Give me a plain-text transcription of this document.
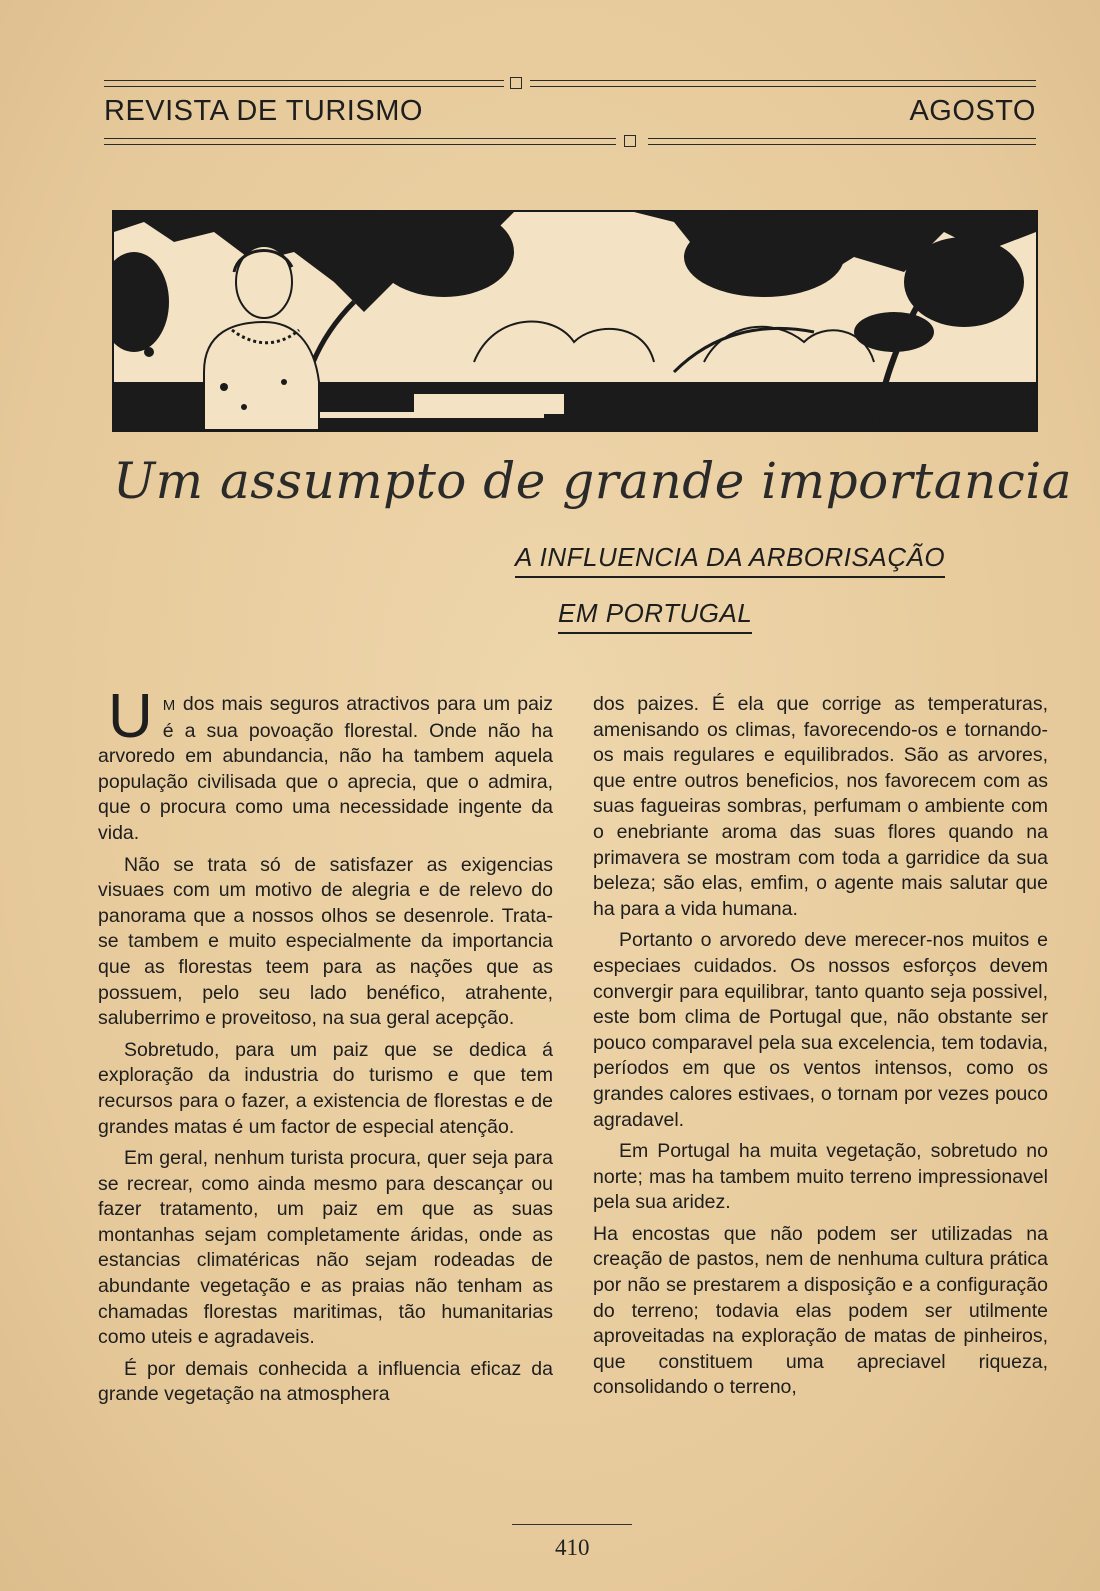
REVISTA DE TURISMO	AGOSTO
Um assumpto de grande importancia
A INFLUENCIA DA ARBORISAÇÃO
EM PORTUGAL

U M dos mais seguros atractivos para um paiz é a sua povoação florestal. Onde não ha arvoredo em abundancia, não ha tambem aquela população civilisada que o aprecia, que o admira, que o procura como uma necessidade ingente da vida.

Não se trata só de satisfazer as exigencias visuaes com um motivo de alegria e de relevo do panorama que a nossos olhos se desenrole. Trata-se tambem e muito especialmente da importancia que as florestas teem para as nações que as possuem, pelo seu lado benéfico, atrahente, saluberrimo e proveitoso, na sua geral acepção.

Sobretudo, para um paiz que se dedica á exploração da industria do turismo e que tem recursos para o fazer, a existencia de florestas e de grandes matas é um factor de especial atenção.

Em geral, nenhum turista procura, quer seja para se recrear, como ainda mesmo para descançar ou fazer tratamento, um paiz em que as suas montanhas sejam completamente áridas, onde as estancias climatéricas não sejam rodeadas de abundante vegetação e as praias não tenham as chamadas florestas maritimas, tão humanitarias como uteis e agradaveis.

É por demais conhecida a influencia eficaz da grande vegetação na atmosphera

dos paizes. É ela que corrige as temperaturas, amenisando os climas, favorecendo-os e tornando-os mais regulares e equilibrados. São as arvores, que entre outros beneficios, nos favorecem com as suas fagueiras sombras, perfumam o ambiente com o enebriante aroma das suas flores quando na primavera se mostram com toda a garridice da sua beleza; são elas, emfim, o agente mais salutar que ha para a vida humana.

Portanto o arvoredo deve merecer-nos muitos e especiaes cuidados. Os nossos esforços devem convergir para equilibrar, tanto quanto seja possivel, este bom clima de Portugal que, não obstante ser pouco comparavel pela sua excelencia, tem todavia, períodos em que os ventos intensos, como os grandes calores estivaes, o tornam por vezes pouco agradavel.

Em Portugal ha muita vegetação, sobretudo no norte; mas ha tambem muito terreno impressionavel pela sua aridez.

Ha encostas que não podem ser utilizadas na creação de pastos, nem de nenhuma cultura prática por não se prestarem a disposição e a configuração do terreno; todavia elas podem ser utilmente aproveitadas na exploração de matas de pinheiros, que constituem uma apreciavel riqueza, consolidando o terreno,

410
